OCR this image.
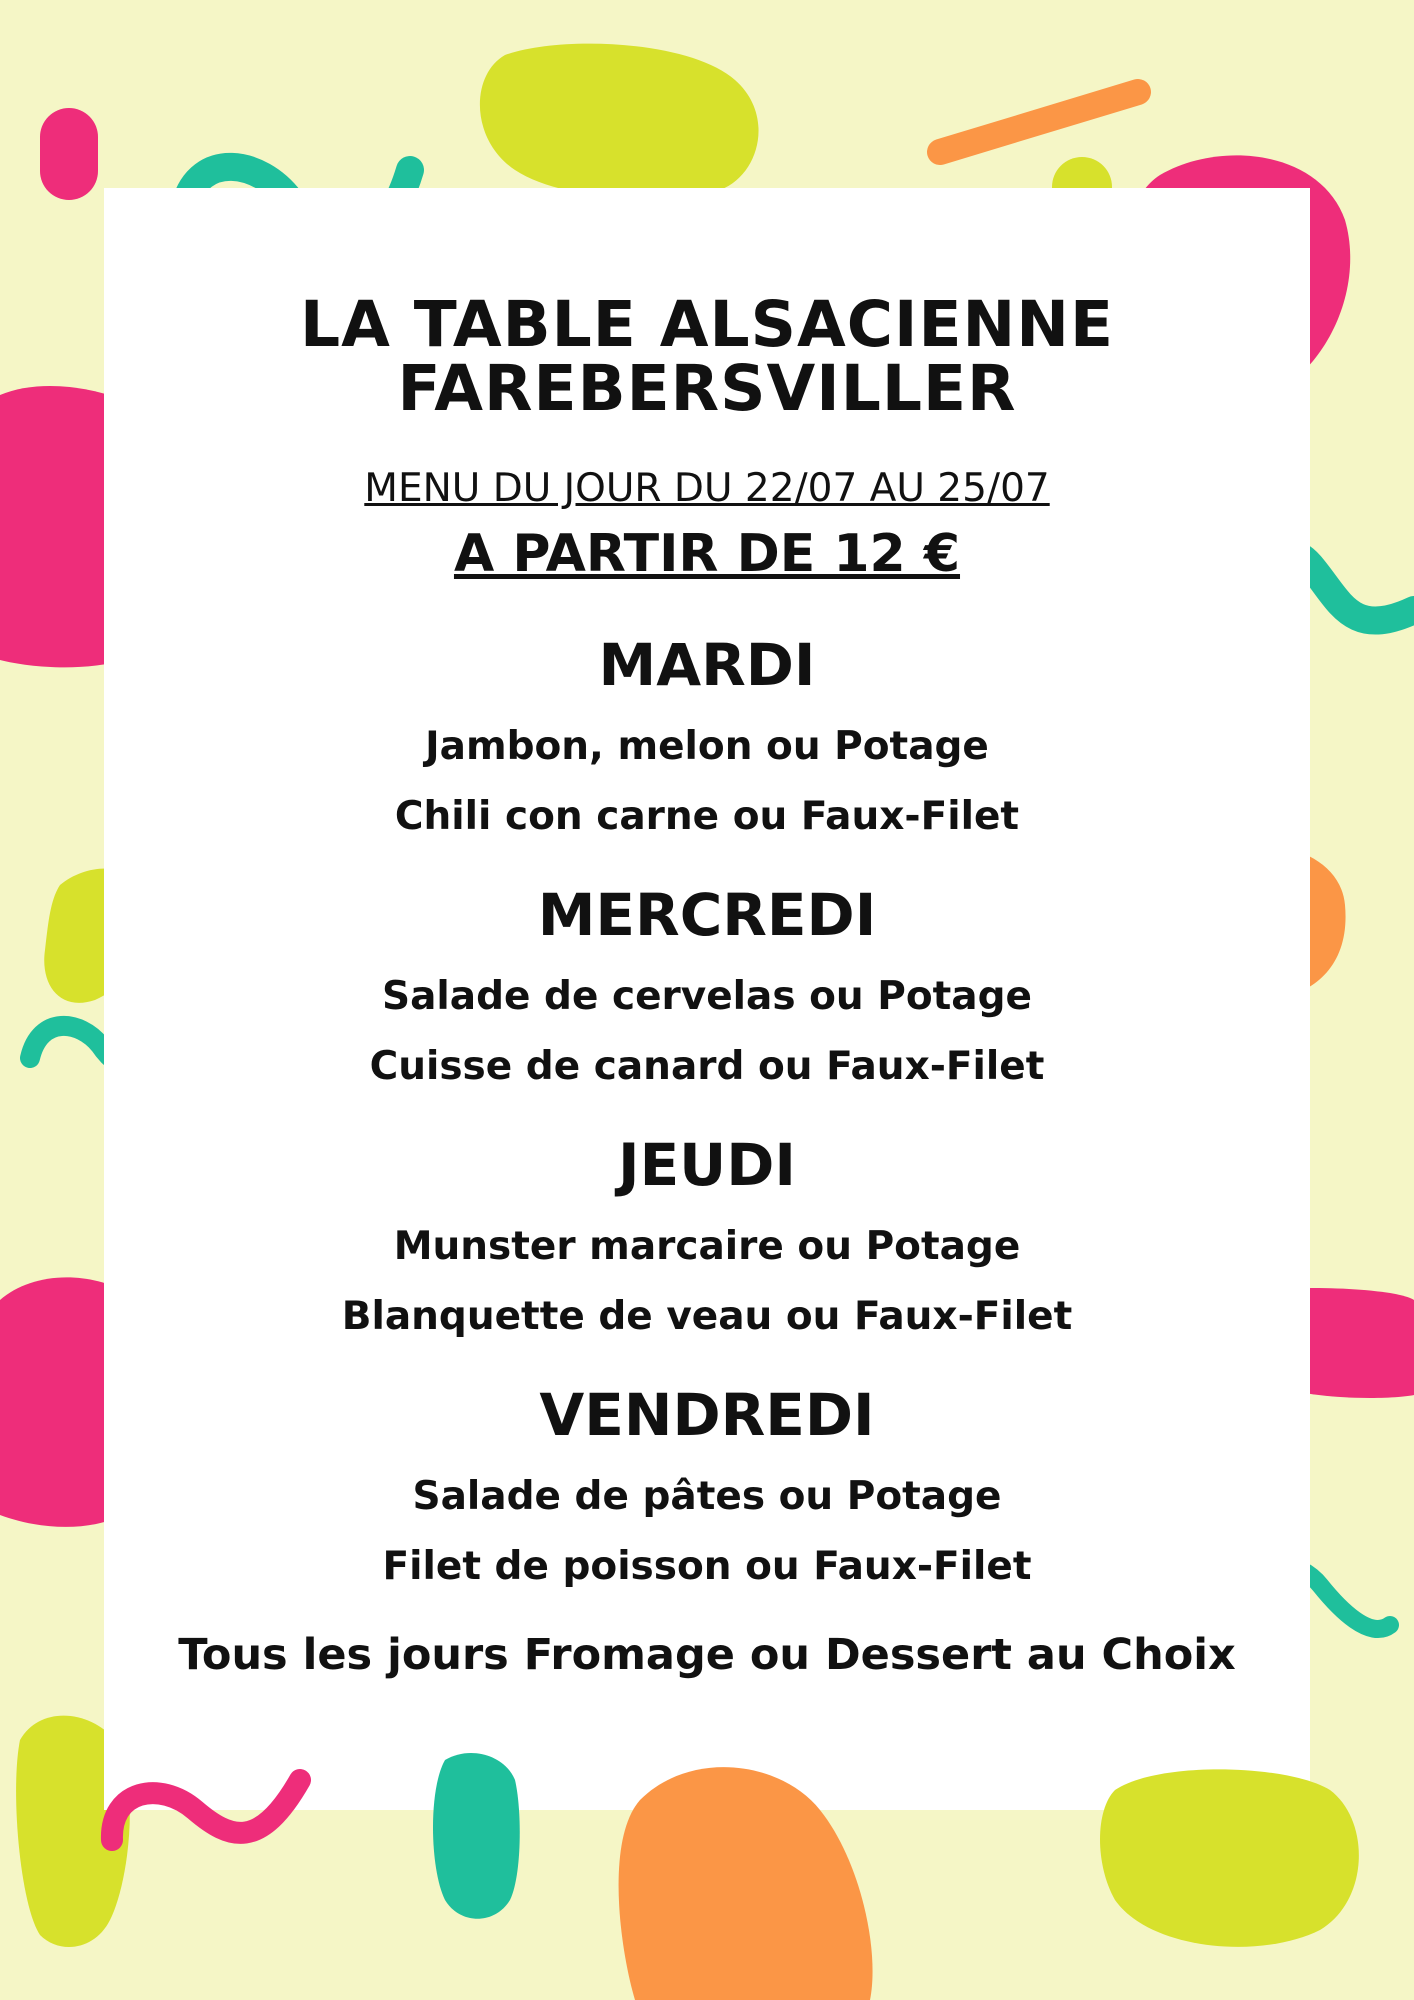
LA TABLE ALSACIENNE
FAREBERSVILLER
MENU DU JOUR DU 22/07 AU 25/07
A PARTIR DE 12 €
MARDI
Jambon, melon ou Potage
Chili con carne ou Faux-Filet
MERCREDI
Salade de cervelas ou Potage
Cuisse de canard ou Faux-Filet
JEUDI
Munster marcaire ou Potage
Blanquette de veau ou Faux-Filet
VENDREDI
Salade de pâtes ou Potage
Filet de poisson ou Faux-Filet
Tous les jours Fromage ou Dessert au Choix
